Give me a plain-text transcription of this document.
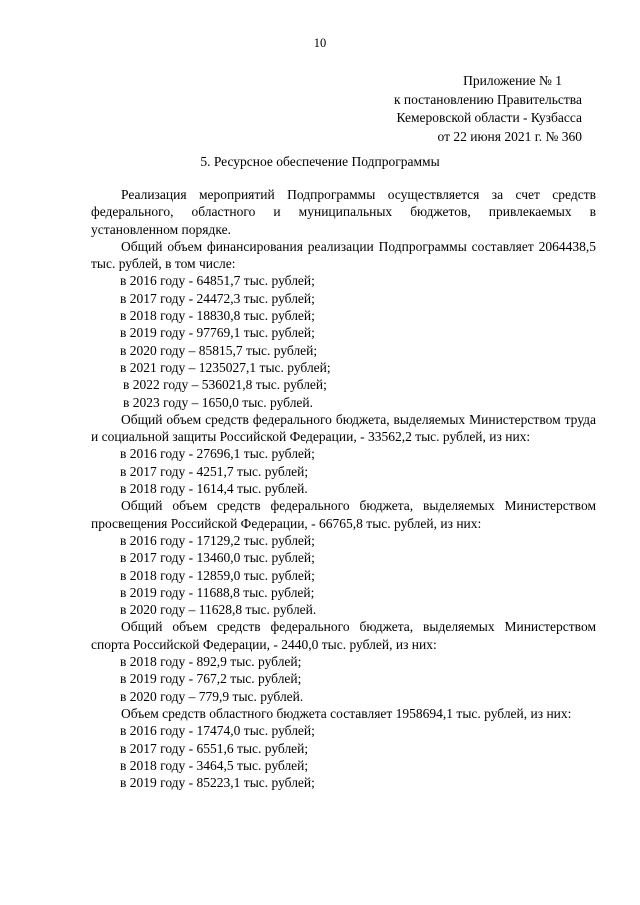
10
Приложение № 1
к постановлению Правительства
Кемеровской области - Кузбасса
от 22 июня 2021 г. № 360
5. Ресурсное обеспечение Подпрограммы

Реализация мероприятий Подпрограммы осуществляется за счет средств федерального, областного и муниципальных бюджетов, привлекаемых в установленном порядке.

Общий объем финансирования реализации Подпрограммы составляет 2064438,5 тыс. рублей, в том числе:

в 2016 году - 64851,7 тыс. рублей;

в 2017 году - 24472,3 тыс. рублей;

в 2018 году - 18830,8 тыс. рублей;

в 2019 году - 97769,1 тыс. рублей;

в 2020 году – 85815,7 тыс. рублей;

в 2021 году – 1235027,1 тыс. рублей;

в 2022 году – 536021,8 тыс. рублей;

в 2023 году – 1650,0 тыс. рублей.

Общий объем средств федерального бюджета, выделяемых Министерством труда и социальной защиты Российской Федерации, - 33562,2 тыс. рублей, из них:

в 2016 году - 27696,1 тыс. рублей;

в 2017 году - 4251,7 тыс. рублей;

в 2018 году - 1614,4 тыс. рублей.

Общий объем средств федерального бюджета, выделяемых Министерством просвещения Российской Федерации, - 66765,8 тыс. рублей, из них:

в 2016 году - 17129,2 тыс. рублей;

в 2017 году - 13460,0 тыс. рублей;

в 2018 году - 12859,0 тыс. рублей;

в 2019 году - 11688,8 тыс. рублей;

в 2020 году – 11628,8 тыс. рублей.

Общий объем средств федерального бюджета, выделяемых Министерством спорта Российской Федерации, - 2440,0 тыс. рублей, из них:

в 2018 году - 892,9 тыс. рублей;

в 2019 году - 767,2 тыс. рублей;

в 2020 году – 779,9 тыс. рублей.

Объем средств областного бюджета составляет 1958694,1 тыс. рублей, из них:

в 2016 году - 17474,0 тыс. рублей;

в 2017 году - 6551,6 тыс. рублей;

в 2018 году - 3464,5 тыс. рублей;

в 2019 году - 85223,1 тыс. рублей;
